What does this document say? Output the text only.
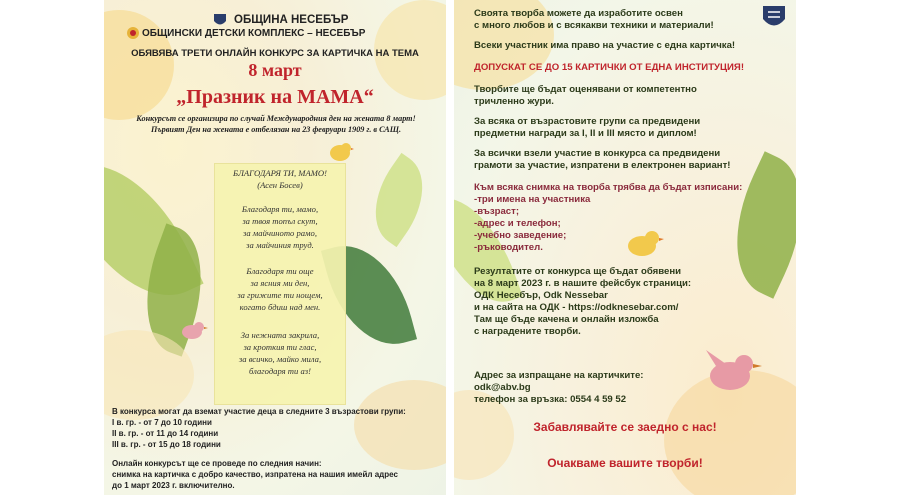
ОБЩИНА НЕСЕБЪР

ОБЩИНСКИ ДЕТСКИ КОМПЛЕКС – НЕСЕБЪР

ОБЯВЯВА ТРЕТИ ОНЛАЙН КОНКУРС ЗА КАРТИЧКА НА ТЕМА

8 март

„Празник на МАМА“

Конкурсът се организира по случай Международния ден на жената 8 март!

Първият Ден на жената е отбелязан на 23 февруари 1909 г. в САЩ.

БЛАГОДАРЯ ТИ, МАМО!

(Асен Босев)

Благодаря ти, мамо,

за твоя топъл скут,

за майчиното рамо,

за майчиния труд.

Благодаря ти още

за ясния ми ден,

за грижите ти нощем,

когато бдиш над мен.

За нежната закрила,

за кроткия ти глас,

за всичко, майко мила,

благодаря ти аз!

В конкурса могат да вземат участие деца в следните 3 възрастови групи:

I в. гр. - от 7 до 10 години

II в. гр. - от 11 до 14 години

III в. гр. - от 15 до 18 години

Онлайн конкурсът ще се проведе по следния начин:

снимка на картичка с добро качество, изпратена на нашия имейл адрес

до 1 март 2023 г. включително.

Своята творба можете да изработите освен

с много любов и с всякакви техники и материали!

Всеки участник има право на участие с една картичка!

ДОПУСКАТ СЕ ДО 15 КАРТИЧКИ ОТ ЕДНА ИНСТИТУЦИЯ!

Творбите ще бъдат оценявани от компетентно

тричленно жури.

За всяка от възрастовите групи са предвидени

предметни награди за I, II и III място и диплом!

За всички взели участие в конкурса са предвидени

грамоти за участие, изпратени в електронен вариант!

Към всяка снимка на творба трябва да бъдат изписани:

-три имена на участника

-възраст;

-адрес и телефон;

-учебно заведение;

-ръководител.

Резултатите от конкурса ще бъдат обявени

на 8 март 2023 г. в нашите фейсбук страници:

ОДК Несебър, Odk Nessebar

и на сайта на ОДК - https://odknesebar.com/

Там ще бъде качена и онлайн изложба

с наградените творби.

Адрес за изпращане на картичките:

odk@abv.bg

телефон за връзка: 0554 4 59 52

Забавлявайте се заедно с нас!

Очакваме вашите творби!
